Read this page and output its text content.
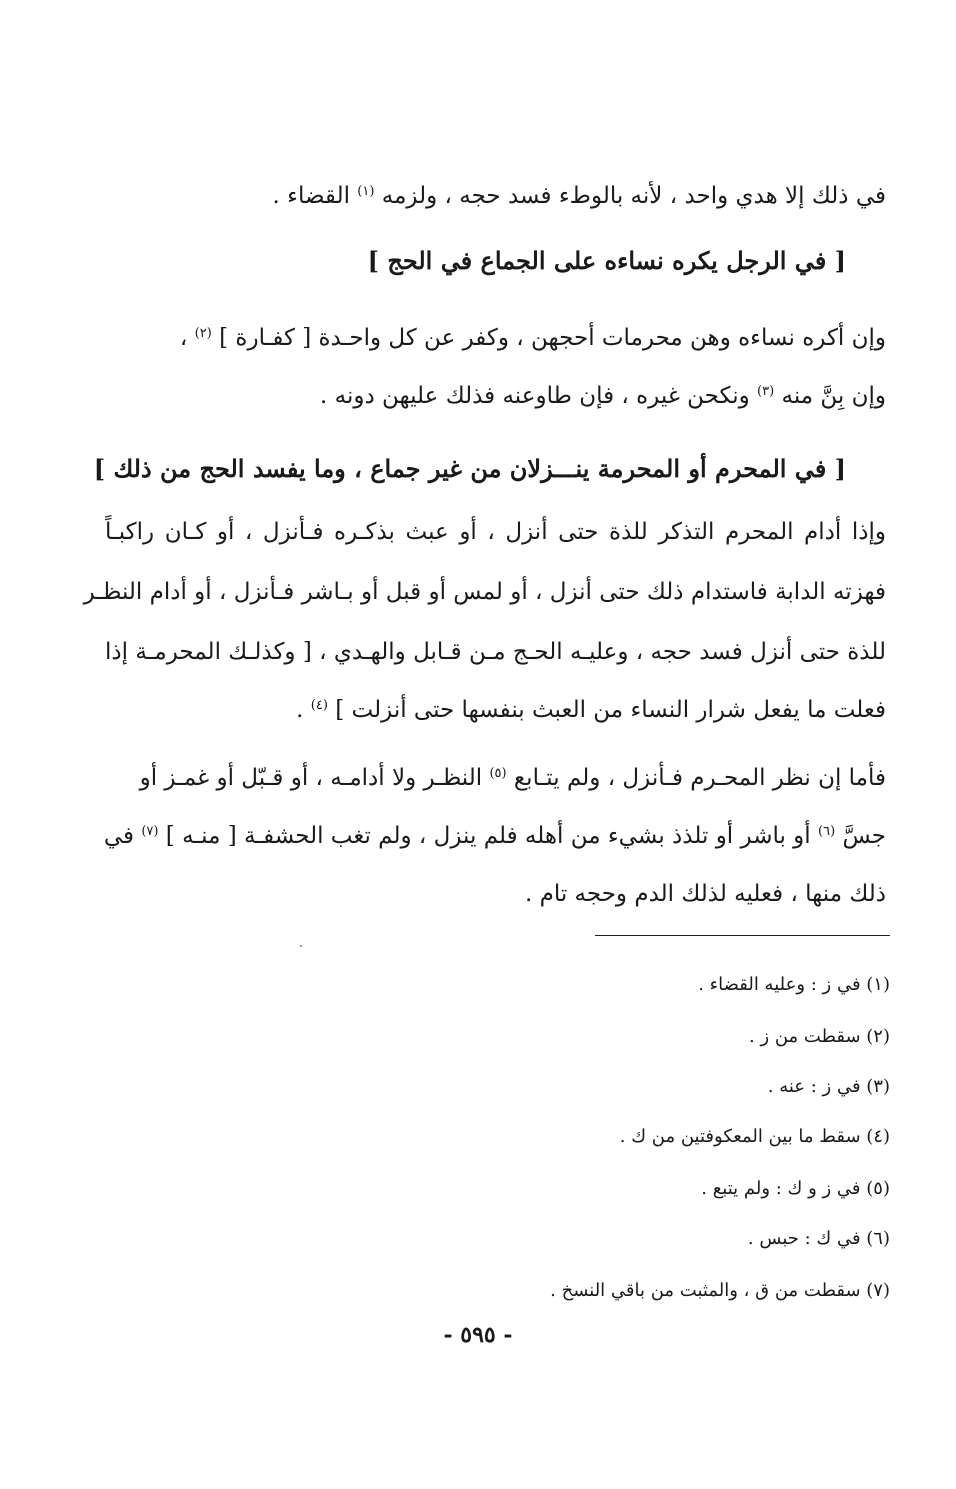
في ذلك إلا هدي واحد ، لأنه بالوطء فسد حجه ، ولزمه $^{(١)}$ القضاء .
[ في الرجل يكره نساءه على الجماع في الحج ]
وإن أكره نساءه وهن محرمات أحجهن ، وكفر عن كل واحـدة [ كفـارة ] $^{(٢)}$ ،
وإن بِنَّ منه $^{(٣)}$ ونكحن غيره ، فإن طاوعنه فذلك عليهن دونه .
[ في المحرم أو المحرمة ينـــزلان من غير جماع ، وما يفسد الحج من ذلك ]
وإذا أدام المحرم التذكر للذة حتى أنزل ، أو عبث بذكـره فـأنزل ، أو كـان راكبـاً
فهزته الدابة فاستدام ذلك حتى أنزل ، أو لمس أو قبل أو بـاشر فـأنزل ، أو أدام النظـر
للذة حتى أنزل فسد حجه ، وعليـه الحـج مـن قـابل والهـدي ، [ وكذلـك المحرمـة إذا
فعلت ما يفعل شرار النساء من العبث بنفسها حتى أنزلت ] $^{(٤)}$ .
فأما إن نظر المحـرم فـأنزل ، ولم يتـابع $^{(٥)}$ النظـر ولا أدامـه ، أو قـبّل أو غمـز أو
جسَّ $^{(٦)}$ أو باشر أو تلذذ بشيء من أهله فلم ينزل ، ولم تغب الحشفـة [ منـه ] $^{(٧)}$ في
ذلك منها ، فعليه لذلك الدم وحجه تام .
(١) في ز : وعليه القضاء .
(٢) سقطت من ز .
(٣) في ز : عنه .
(٤) سقط ما بين المعكوفتين من ك .
(٥) في ز و ك : ولم يتبع .
(٦) في ك : حبس .
(٧) سقطت من ق ، والمثبت من باقي النسخ .
- ٥٩٥ -
